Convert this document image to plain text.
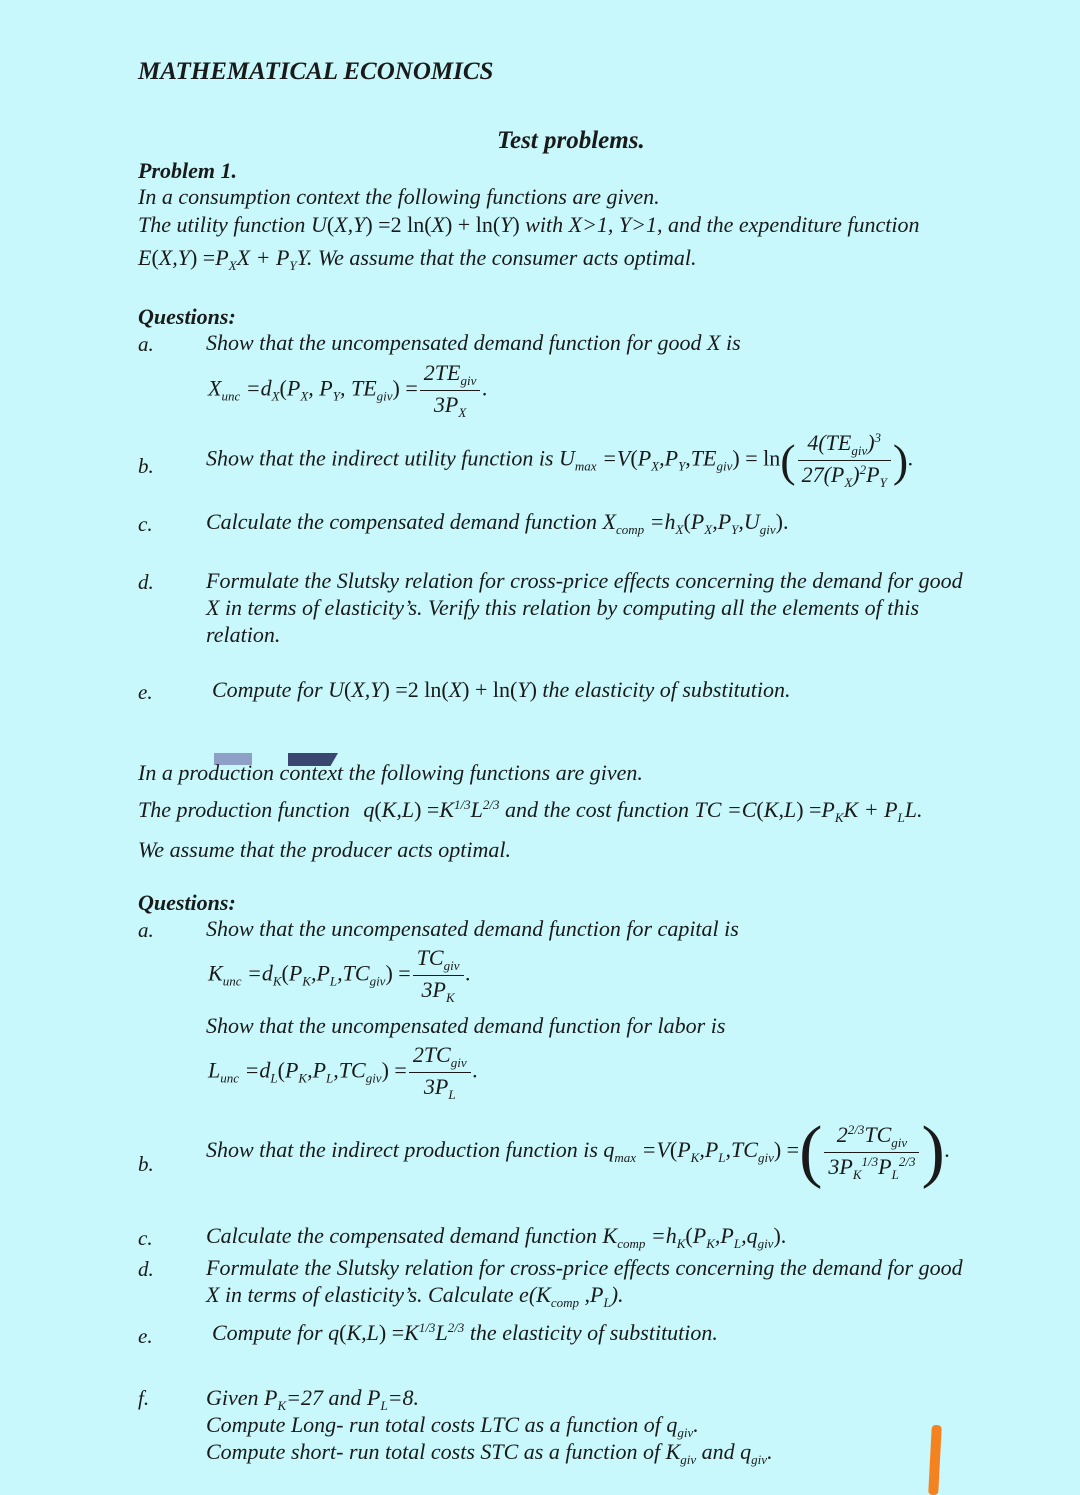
MATHEMATICAL ECONOMICS
Test problems.
Problem 1.
In a consumption context the following functions are given.
The utility function U(X,Y) =2 ln(X) + ln(Y) with X>1, Y>1, and the expenditure function
$E(X,Y) =P_XX + P_YY$. We assume that the consumer acts optimal.
Questions:
a. Show that the uncompensated demand function for good X is
$X_{unc} =d_X(P_X$, $P_Y$, $TE_{giv}) = \frac{2TE_{giv}}{3P_X}$ .
b. Show that the indirect utility function is $U_{max} =V(P_X,P_Y,TE_{giv}) = \ln( \frac{4(TE_{giv})^3}{27(P_X)^2P_Y}$ ).
c. Calculate the compensated demand function $X_{comp} =h_X(P_X,P_Y,U_{giv})$.
d. Formulate the Slutsky relation for cross-price effects concerning the demand for good
X in terms of elasticity’s. Verify this relation by computing all the elements of this
relation.
e.	Compute for U(X,Y) =2 ln(X) + ln(Y) the elasticity of substitution.
In a production context the following functions are given.
The production function $q(K,L) =K^{1/3}L^{2/3}$ and the cost function TC $=C(K,L) =P_KK + P_LL$.
We assume that the producer acts optimal.
Questions:
a. Show that the uncompensated demand function for capital is
$K_{unc} =d_K(P_K,P_L,TC_{giv}) = \frac{TC_{giv}}{3P_K}$ .
Show that the uncompensated demand function for labor is
$L_{unc} =d_L(P_K,P_L,TC_{giv}) = \frac{2TC_{giv}}{3P_L}$ .
b.
Show that the indirect production function is $q_{max} =V(P_K,P_L,TC_{giv})$ =( $\frac{2^{2/3}TC_{giv}}{3P_K^{1/3}P_L^{2/3}}$ ).
c. Calculate the compensated demand function $K_{comp} =h_K(P_K,P_L,q_{giv})$.
d. Formulate the Slutsky relation for cross-price effects concerning the demand for good
X in terms of elasticity’s. Calculate $e(K_{comp}$ $,P_L$).
e.	Compute for $q(K,L) =K^{1/3}L^{2/3}$ the elasticity of substitution.
f.	Given $P_K=27$ and $P_L=8$.
Compute Long- run total costs LTC as a function of $q_{giv}$.
Compute short- run total costs STC as a function of $K_{giv}$ and $q_{giv}$.
